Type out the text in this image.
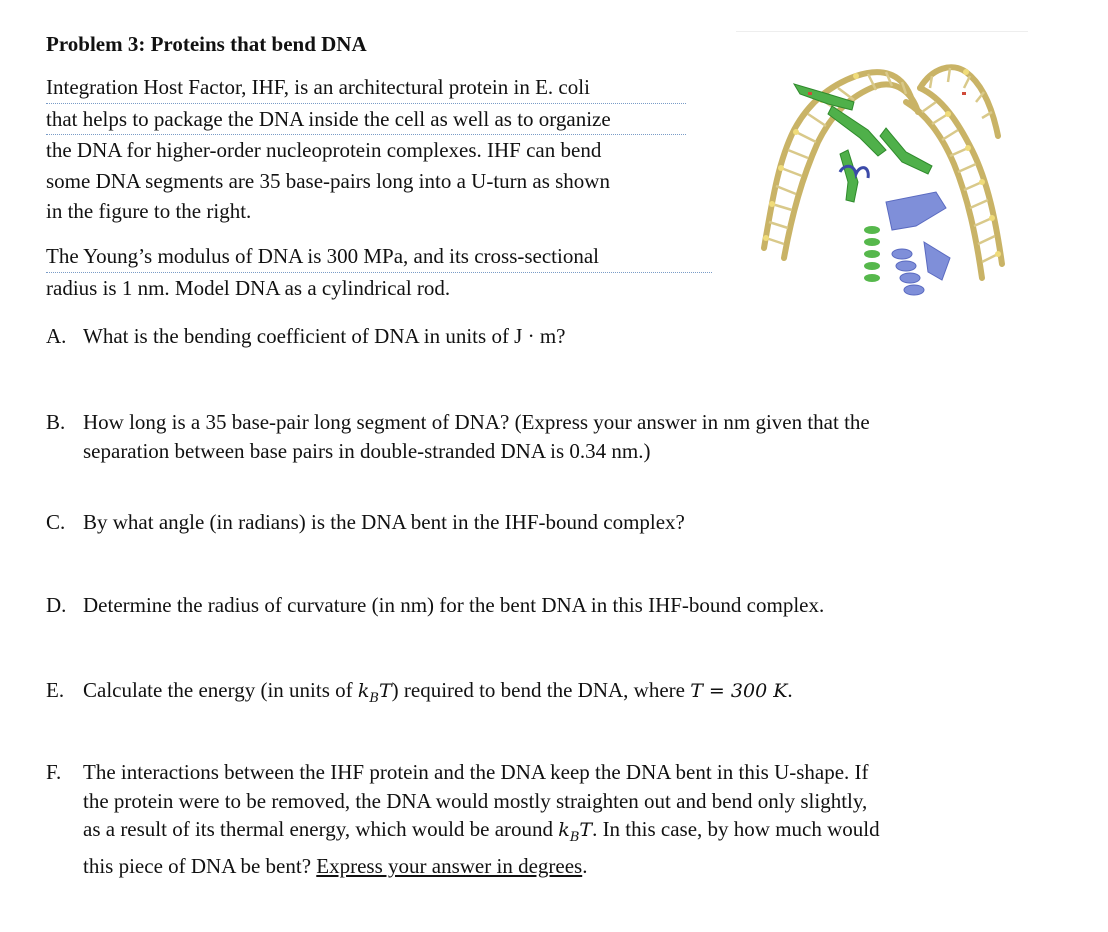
Problem 3: Proteins that bend DNA
Integration Host Factor, IHF, is an architectural protein in E. coli
that helps to package the DNA inside the cell as well as to organize
the DNA for higher-order nucleoprotein complexes. IHF can bend
some DNA segments are 35 base-pairs long into a U-turn as shown
in the figure to the right.
The Young’s modulus of DNA is 300 MPa, and its cross-sectional
radius is 1 nm. Model DNA as a cylindrical rod.
A. What is the bending coefficient of DNA in units of J · m?
B. How long is a 35 base-pair long segment of DNA? (Express your answer in nm given that the
separation between base pairs in double-stranded DNA is 0.34 nm.)
C. By what angle (in radians) is the DNA bent in the IHF-bound complex?
D. Determine the radius of curvature (in nm) for the bent DNA in this IHF-bound complex.
E. Calculate the energy (in units of $k_BT$) required to bend the DNA, where T = 300 K.
F. The interactions between the IHF protein and the DNA keep the DNA bent in this U-shape. If
the protein were to be removed, the DNA would mostly straighten out and bend only slightly,
as a result of its thermal energy, which would be around $k_BT$. In this case, by how much would
this piece of DNA be bent? Express your answer in degrees.
